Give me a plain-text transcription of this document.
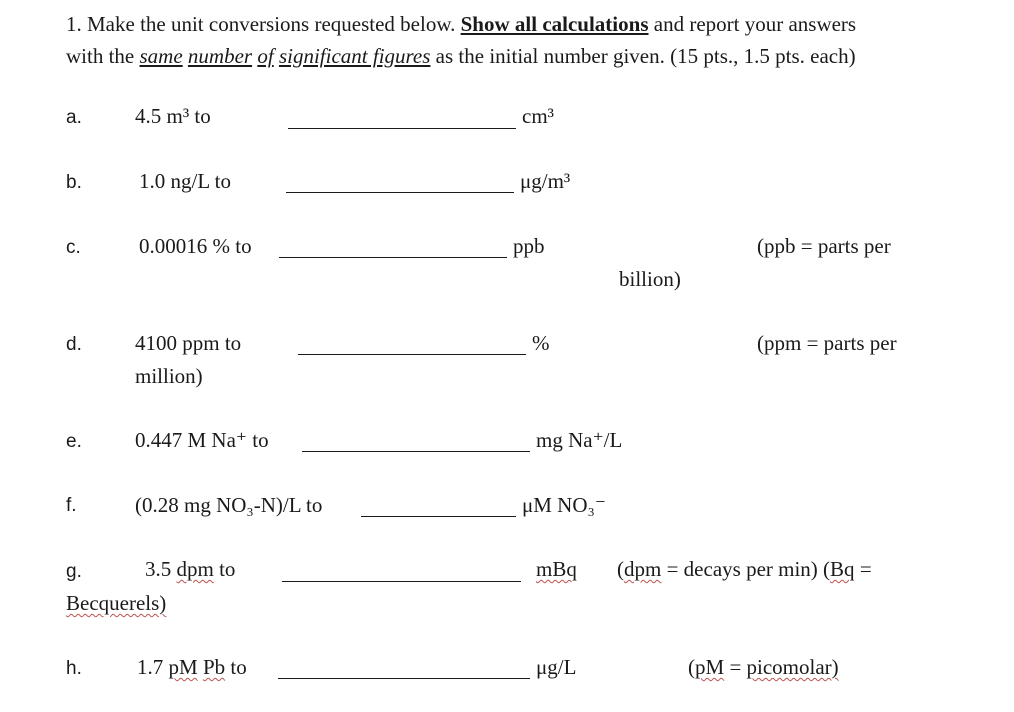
1. Make the unit conversions requested below. Show all calculations and report your answers
with the same number of significant figures as the initial number given. (15 pts., 1.5 pts. each)
a.	4.5 m³ to	cm³
b.	1.0 ng/L to	μg/m³
c.	0.00016 % to	ppb	(ppb = parts per
billion)
d.	4100 ppm to	%	(ppm = parts per
million)
e.	0.447 M Na⁺ to	mg Na⁺/L
f.	(0.28 mg NO₃-N)/L to	μM NO₃⁻
g.	3.5 dpm to	mBq (dpm = decays per min) (Bq =
Becquerels)
h.	1.7 pM Pb to	μg/L	(pM = picomolar)
